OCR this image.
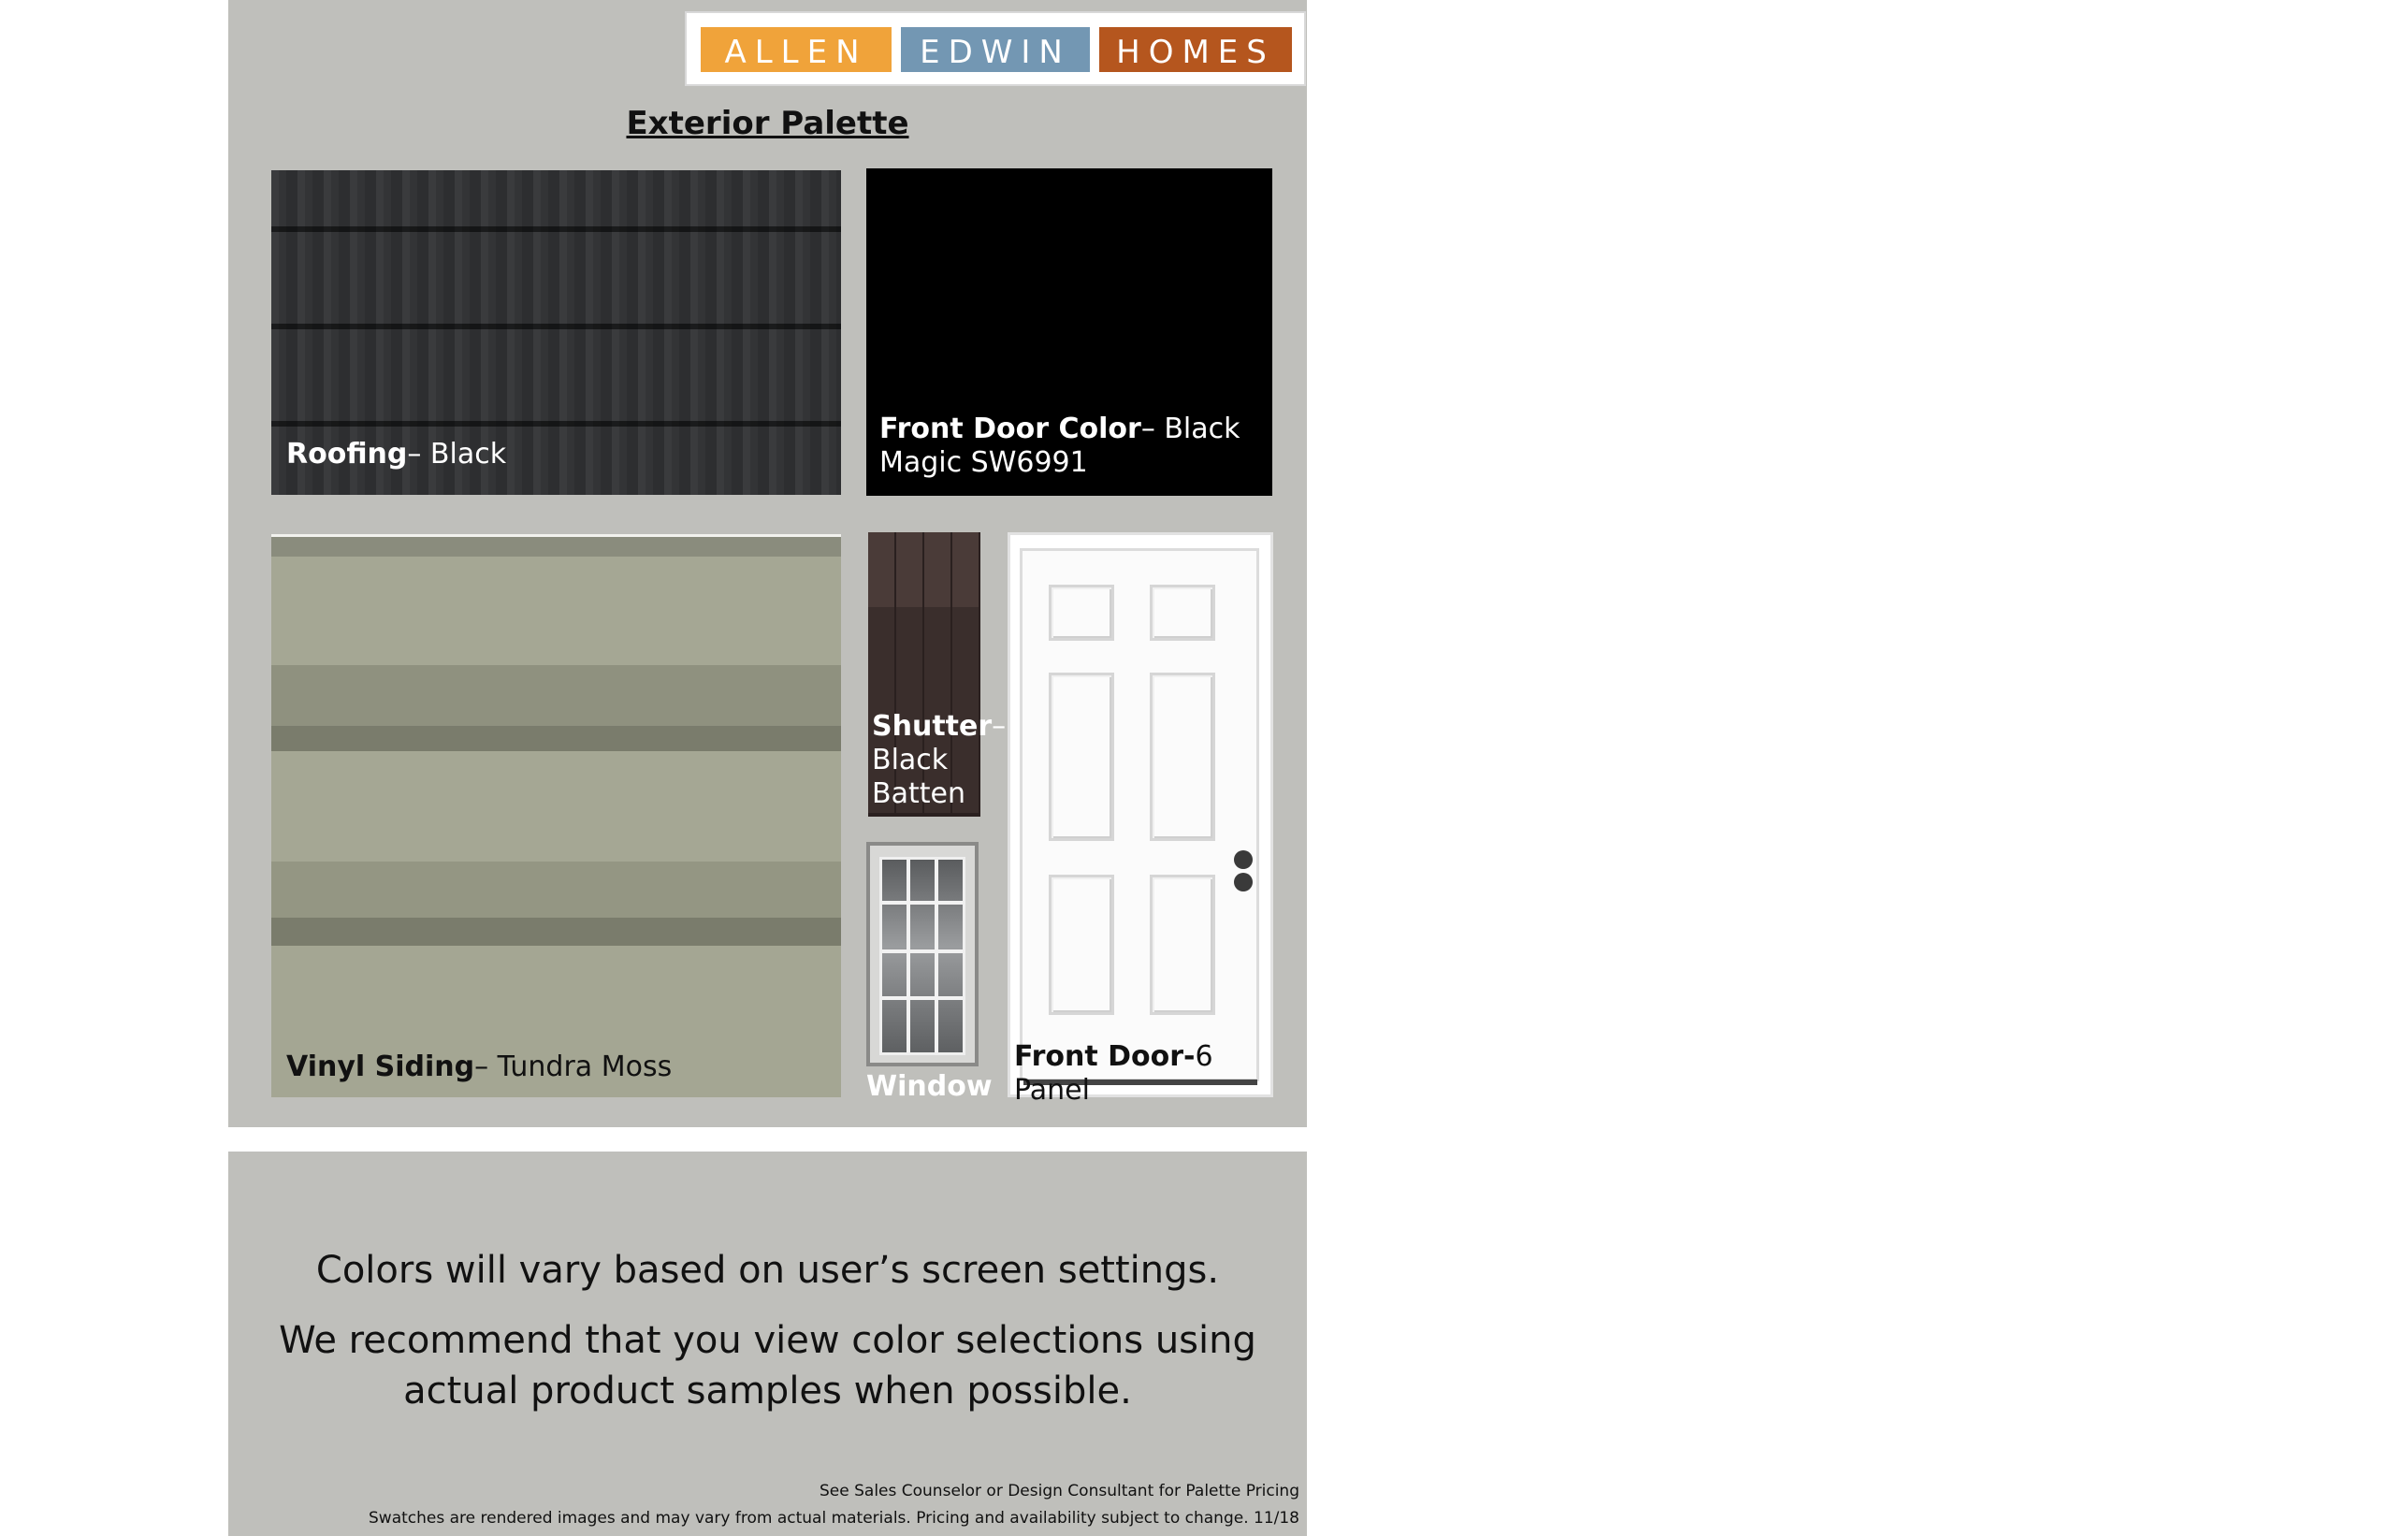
ALLEN	EDWIN	HOMES
Exterior Palette
Roofing– Black
Front Door Color– Black
Magic SW6991
Vinyl Siding– Tundra Moss
Shutter–
Black
Batten
Window
Front Door-6 Panel
Colors will vary based on user’s screen settings.
We recommend that you view color selections using
actual product samples when possible.
See Sales Counselor or Design Consultant for Palette Pricing
Swatches are rendered images and may vary from actual materials. Pricing and availability subject to change. 11/18
